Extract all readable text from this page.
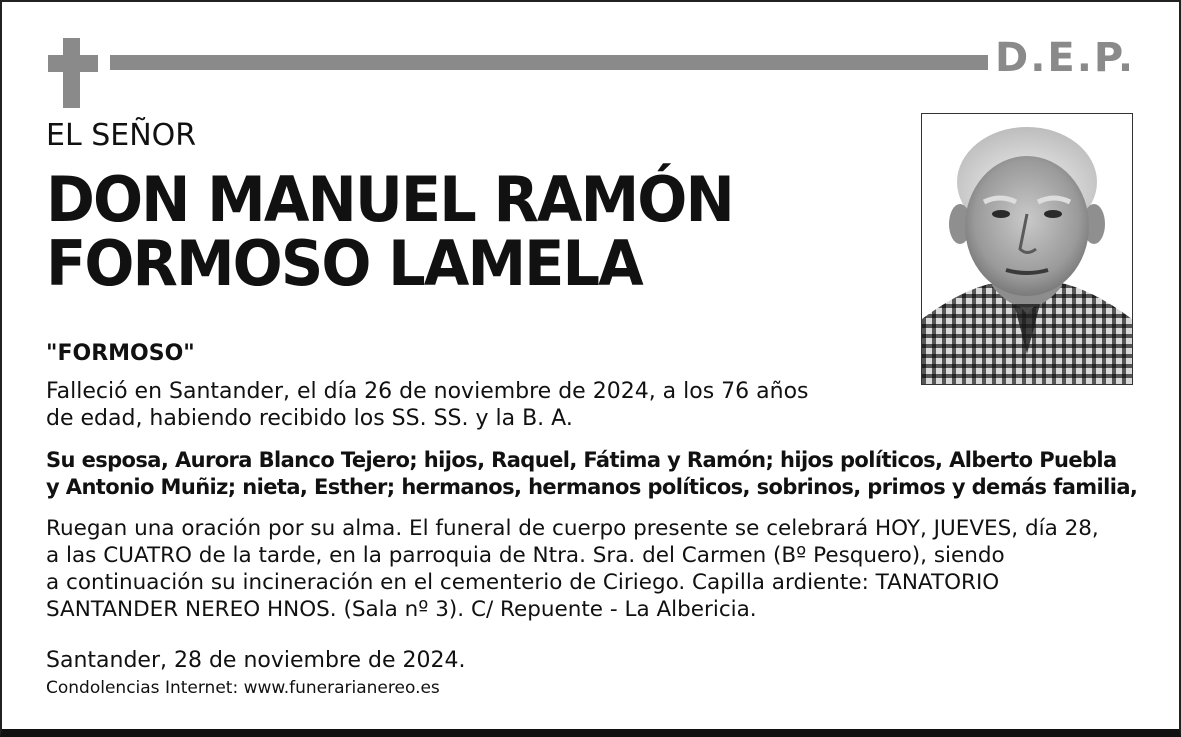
D.E.P.
EL SEÑOR
DON MANUEL RAMÓN
FORMOSO LAMELA
"FORMOSO"
Falleció en Santander, el día 26 de noviembre de 2024, a los 76 años
de edad, habiendo recibido los SS. SS. y la B. A.
Su esposa, Aurora Blanco Tejero; hijos, Raquel, Fátima y Ramón; hijos políticos, Alberto Puebla
y Antonio Muñiz; nieta, Esther; hermanos, hermanos políticos, sobrinos, primos y demás familia,
Ruegan una oración por su alma. El funeral de cuerpo presente se celebrará HOY, JUEVES, día 28,
a las CUATRO de la tarde, en la parroquia de Ntra. Sra. del Carmen (Bº Pesquero), siendo
a continuación su incineración en el cementerio de Ciriego. Capilla ardiente: TANATORIO
SANTANDER NEREO HNOS. (Sala nº 3). C/ Repuente - La Albericia.
Santander, 28 de noviembre de 2024.
Condolencias Internet: www.funerarianereo.es
